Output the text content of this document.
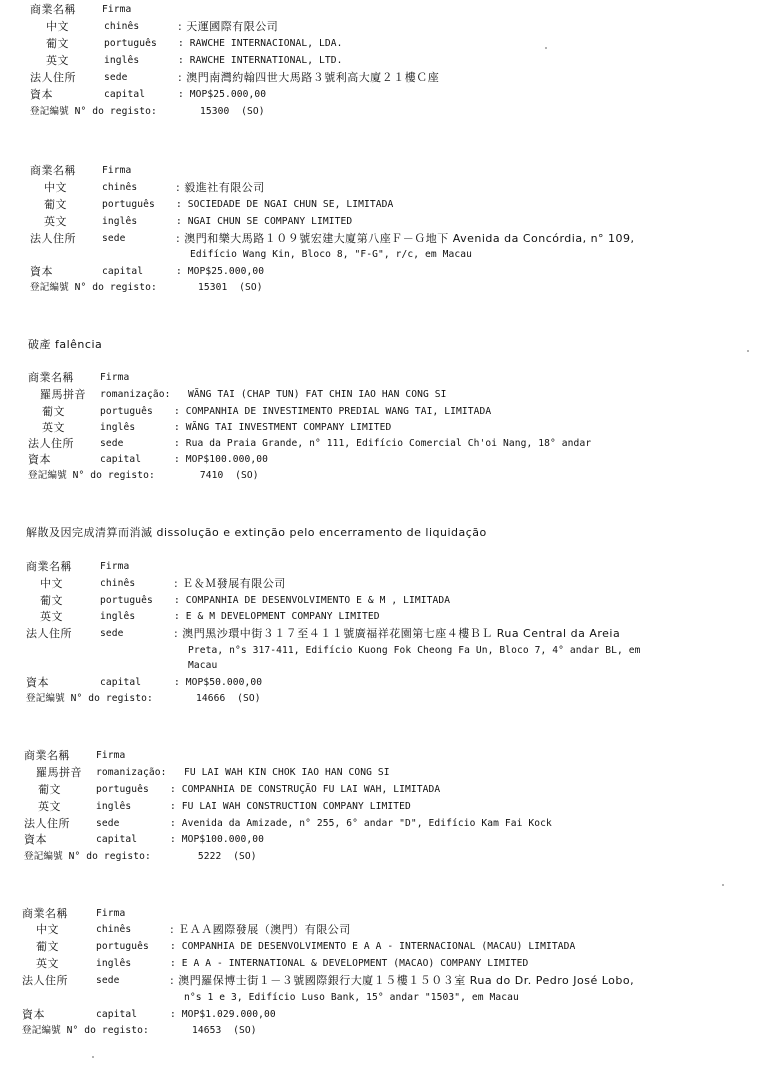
商業名稱	Firma
中文	chinês	: 天運國際有限公司
葡文	português : RAWCHE INTERNACIONAL, LDA.
英文	inglês	: RAWCHE INTERNATIONAL, LTD.
法人住所	sede	: 澳門南灣約翰四世大馬路３號利高大廈２１樓Ｃ座
資本	capital	: MOP$25.000,00
登記編號 N° do registo:	15300  (SO)
商業名稱	Firma
中文	chinês	: 毅進社有限公司
葡文	português : SOCIEDADE DE NGAI CHUN SE, LIMITADA
英文	inglês	: NGAI CHUN SE COMPANY LIMITED
法人住所	sede	: 澳門和樂大馬路１０９號宏建大廈第八座Ｆ－Ｇ地下 Avenida da Concórdia, n° 109,
Edifício Wang Kin, Bloco 8, "F-G", r/c, em Macau
資本	capital	: MOP$25.000,00
登記編號 N° do registo:	15301  (SO)
破產 falência
商業名稱	Firma
羅馬拼音 romanização: WÃNG TAI (CHAP TUN) FAT CHIN IAO HAN CONG SI
葡文	português : COMPANHIA DE INVESTIMENTO PREDIAL WANG TAI, LIMITADA
英文	inglês	: WÃNG TAI INVESTMENT COMPANY LIMITED
法人住所	sede	: Rua da Praia Grande, n° 111, Edifício Comercial Ch'oi Nang, 18° andar
資本	capital	: MOP$100.000,00
登記編號 N° do registo:	7410  (SO)
解散及因完成清算而消滅 dissolução e extinção pelo encerramento de liquidação
商業名稱	Firma
中文	chinês	: Ｅ＆Ｍ發展有限公司
葡文	português : COMPANHIA DE DESENVOLVIMENTO E & M , LIMITADA
英文	inglês	: E & M DEVELOPMENT COMPANY LIMITED
法人住所	sede	: 澳門黑沙環中街３１７至４１１號廣福祥花園第七座４樓ＢＬ Rua Central da Areia
Preta, n°s 317-411, Edifício Kuong Fok Cheong Fa Un, Bloco 7, 4° andar BL, em
Macau
資本	capital	: MOP$50.000,00
登記編號 N° do registo:	14666  (SO)
商業名稱	Firma
羅馬拼音 romanização: FU LAI WAH KIN CHOK IAO HAN CONG SI
葡文	português : COMPANHIA DE CONSTRUÇÃO FU LAI WAH, LIMITADA
英文	inglês	: FU LAI WAH CONSTRUCTION COMPANY LIMITED
法人住所	sede	: Avenida da Amizade, n° 255, 6° andar "D", Edifício Kam Fai Kock
資本	capital	: MOP$100.000,00
登記編號 N° do registo:	5222  (SO)
商業名稱	Firma
中文	chinês	: ＥＡＡ國際發展（澳門）有限公司
葡文	português : COMPANHIA DE DESENVOLVIMENTO E A A - INTERNACIONAL (MACAU) LIMITADA
英文	inglês	: E A A - INTERNATIONAL & DEVELOPMENT (MACAO) COMPANY LIMITED
法人住所	sede	: 澳門羅保博士街１－３號國際銀行大廈１５樓１５０３室 Rua do Dr. Pedro José Lobo,
n°s 1 e 3, Edifício Luso Bank, 15° andar "1503", em Macau
資本	capital	: MOP$1.029.000,00
登記編號 N° do registo:	14653  (SO)
